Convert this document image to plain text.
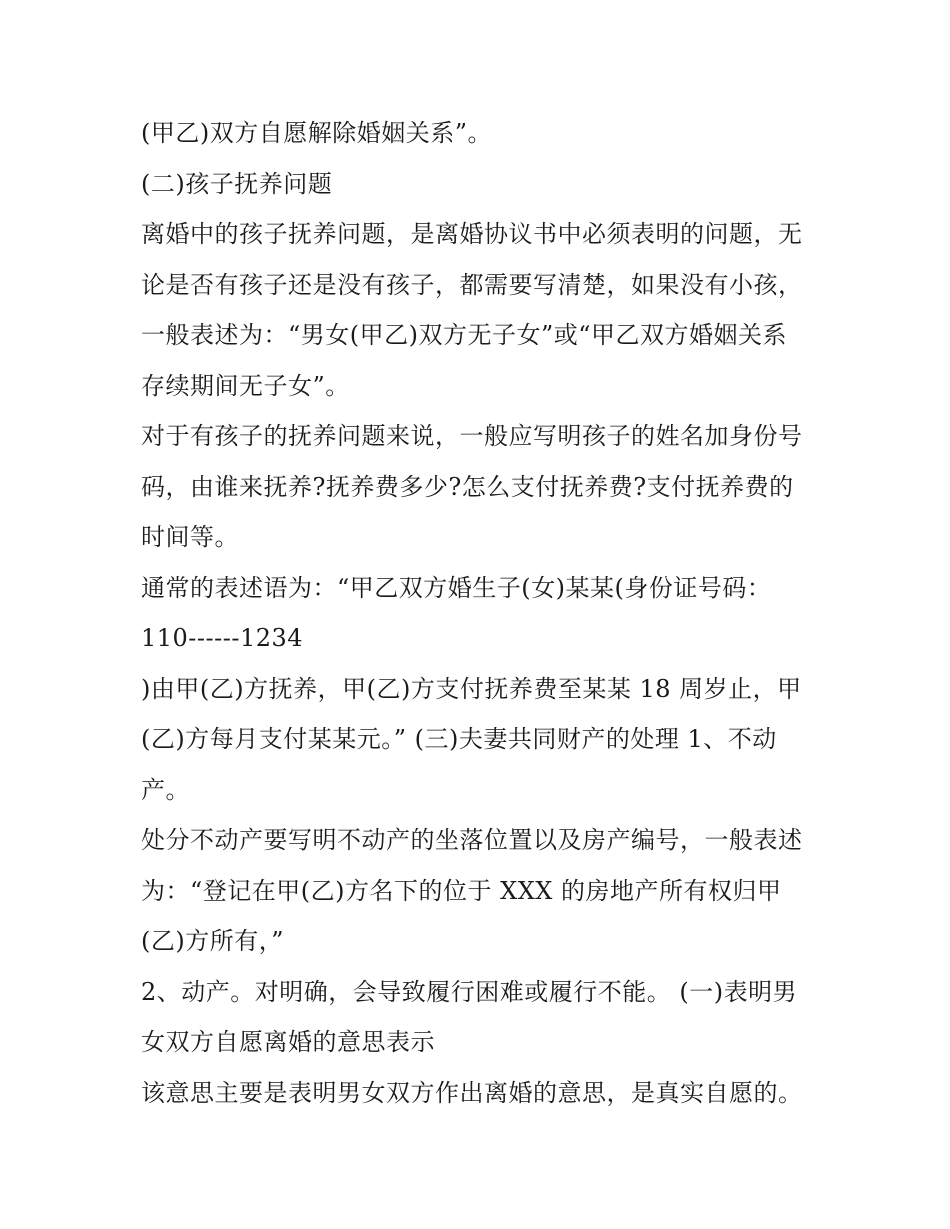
(甲乙)双方自愿解除婚姻关系”。
(二)孩子抚养问题
离婚中的孩子抚养问题，是离婚协议书中必须表明的问题，无
论是否有孩子还是没有孩子，都需要写清楚，如果没有小孩，
一般表述为：“男女(甲乙)双方无子女”或“甲乙双方婚姻关系
存续期间无子女”。
对于有孩子的抚养问题来说，一般应写明孩子的姓名加身份号
码，由谁来抚养?抚养费多少?怎么支付抚养费?支付抚养费的
时间等。
通常的表述语为：“甲乙双方婚生子(女)某某(身份证号码：
110------1234
)由甲(乙)方抚养，甲(乙)方支付抚养费至某某 18 周岁止，甲
(乙)方每月支付某某元。” (三)夫妻共同财产的处理 1、不动
产。
处分不动产要写明不动产的坐落位置以及房产编号，一般表述
为：“登记在甲(乙)方名下的位于 XXX 的房地产所有权归甲
(乙)方所有，”
2、动产。对明确，会导致履行困难或履行不能。 (一)表明男
女双方自愿离婚的意思表示
该意思主要是表明男女双方作出离婚的意思，是真实自愿的。
